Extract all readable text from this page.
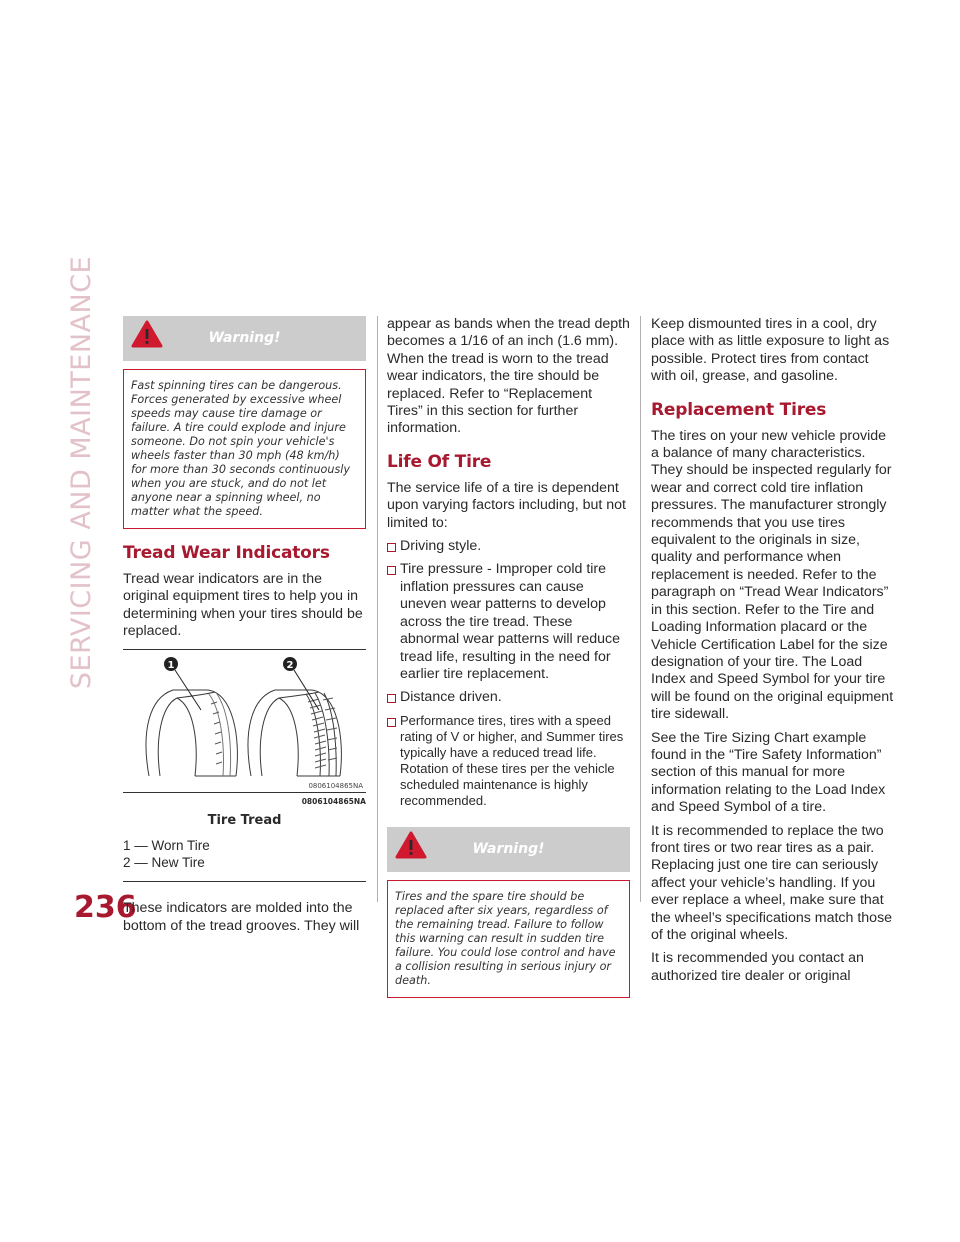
SERVICING AND MAINTENANCE
236
Warning!
Fast spinning tires can be dangerous. Forces generated by excessive wheel speeds may cause tire damage or failure. A tire could explode and injure someone. Do not spin your vehicle's wheels faster than 30 mph (48 km/h) for more than 30 seconds continuously when you are stuck, and do not let anyone near a spinning wheel, no matter what the speed.
Tread Wear Indicators

Tread wear indicators are in the original equipment tires to help you in determining when your tires should be replaced.

1	2
0806104865NA
0806104865NA
Tire Tread
1 — Worn Tire
2 — New Tire

These indicators are molded into the bottom of the tread grooves. They will

appear as bands when the tread depth becomes a 1/16 of an inch (1.6 mm). When the tread is worn to the tread wear indicators, the tire should be replaced. Refer to “Replacement Tires” in this section for further information.

Life Of Tire

The service life of a tire is dependent upon varying factors including, but not limited to:

Driving style.

Tire pressure - Improper cold tire inflation pressures can cause uneven wear patterns to develop across the tire tread. These abnormal wear patterns will reduce tread life, resulting in the need for earlier tire replacement.

Distance driven.

Performance tires, tires with a speed rating of V or higher, and Summer tires typically have a reduced tread life. Rotation of these tires per the vehicle scheduled maintenance is highly recommended.

Warning!
Tires and the spare tire should be replaced after six years, regardless of the remaining tread. Failure to follow this warning can result in sudden tire failure. You could lose control and have a collision resulting in serious injury or death.

Keep dismounted tires in a cool, dry place with as little exposure to light as possible. Protect tires from contact with oil, grease, and gasoline.

Replacement Tires

The tires on your new vehicle provide a balance of many characteristics. They should be inspected regularly for wear and correct cold tire inflation pressures. The manufacturer strongly recommends that you use tires equivalent to the originals in size, quality and performance when replacement is needed. Refer to the paragraph on “Tread Wear Indicators” in this section. Refer to the Tire and Loading Information placard or the Vehicle Certification Label for the size designation of your tire. The Load Index and Speed Symbol for your tire will be found on the original equipment tire sidewall.

See the Tire Sizing Chart example found in the “Tire Safety Information” section of this manual for more information relating to the Load Index and Speed Symbol of a tire.

It is recommended to replace the two front tires or two rear tires as a pair. Replacing just one tire can seriously affect your vehicle’s handling. If you ever replace a wheel, make sure that the wheel’s specifications match those of the original wheels.

It is recommended you contact an authorized tire dealer or original
